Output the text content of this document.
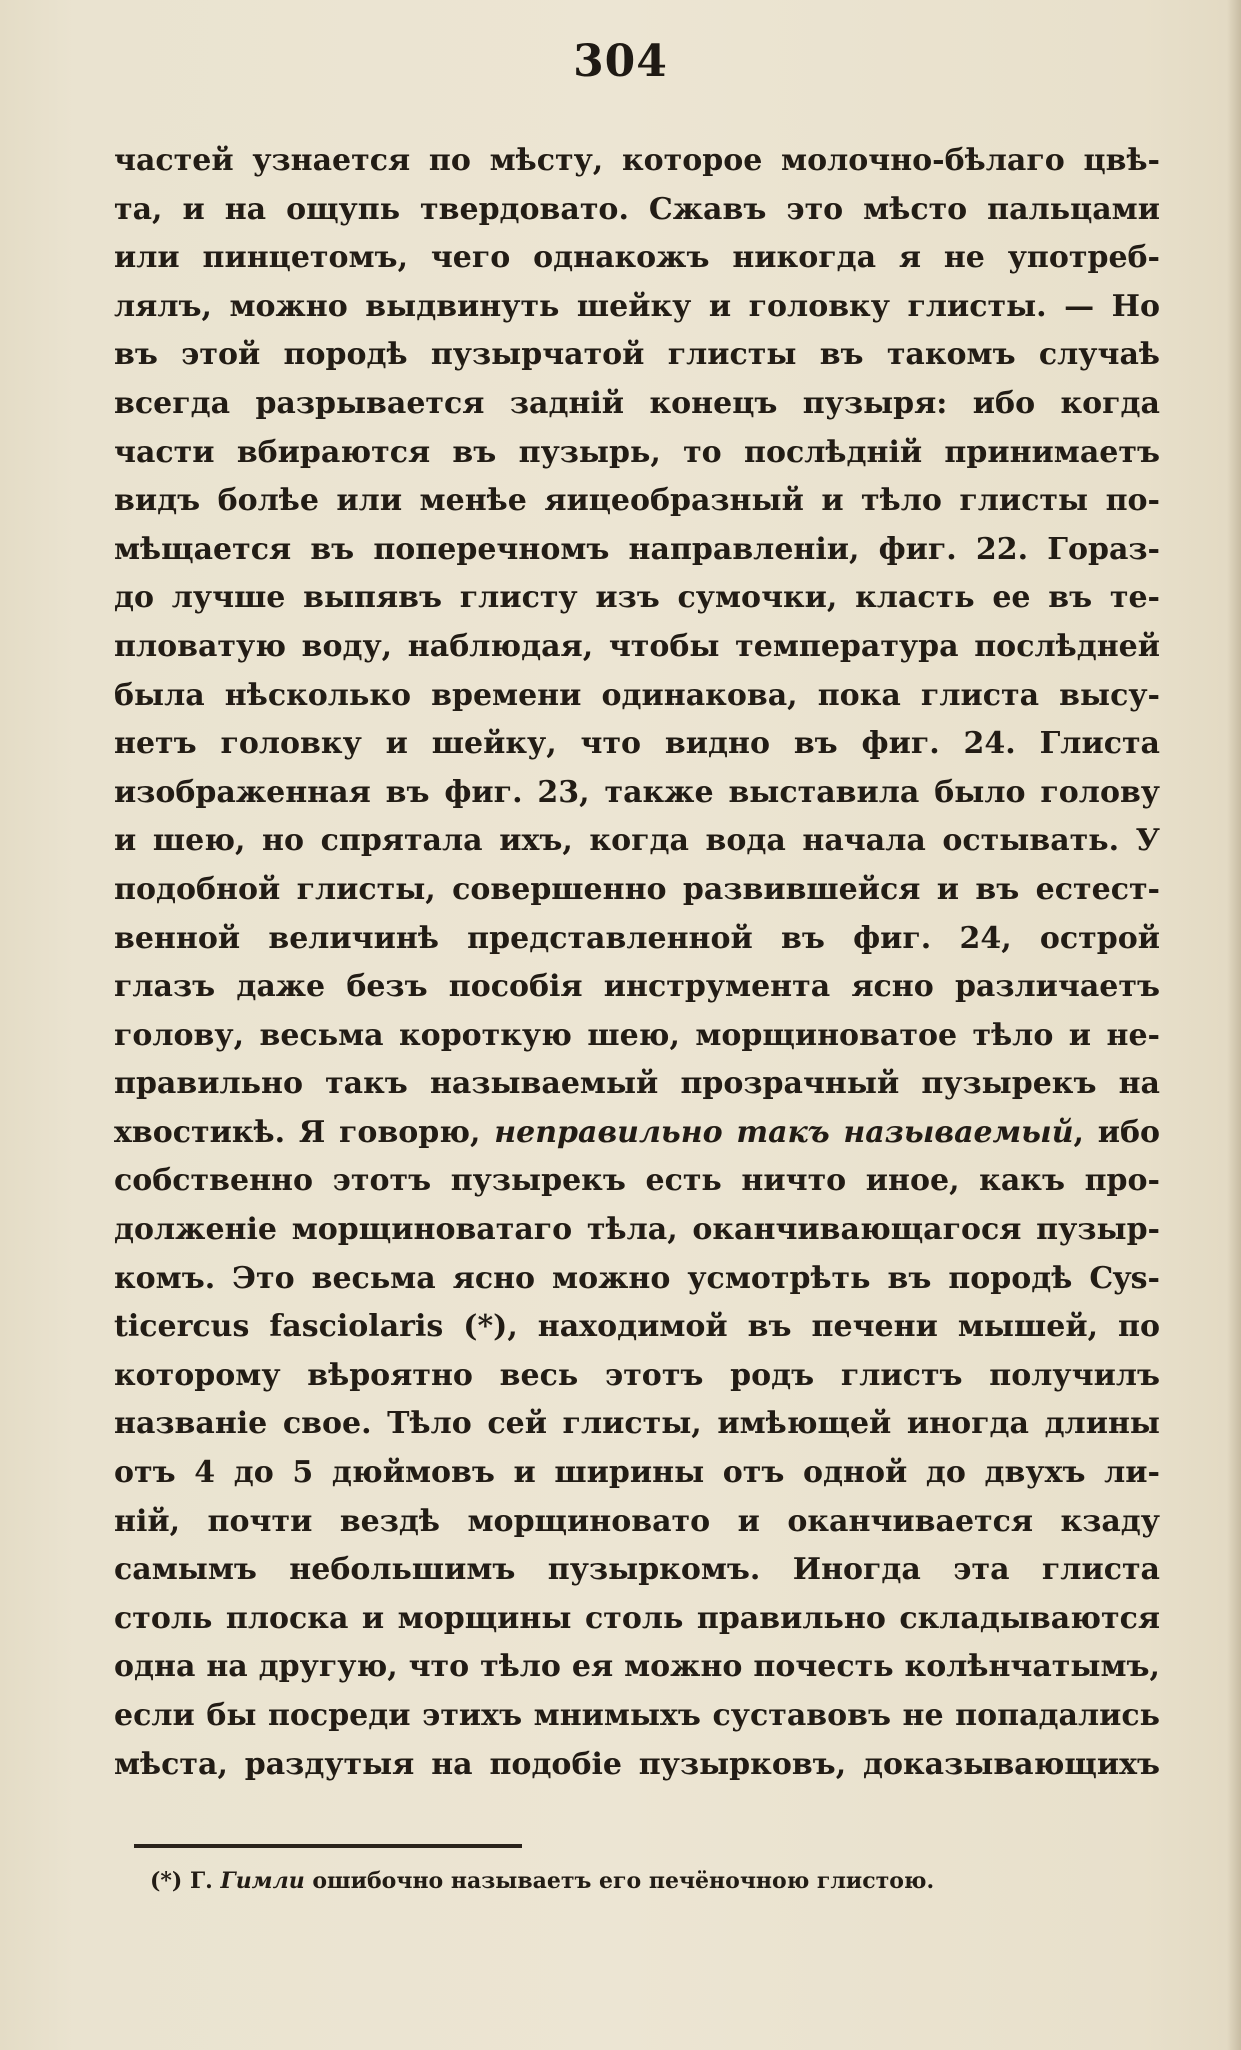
304
частей узнается по мѣсту, которое молочно-бѣлаго цвѣ-
та, и на ощупь твердовато. Сжавъ это мѣсто пальцами
или пинцетомъ, чего однакожъ никогда я не употреб-
лялъ, можно выдвинуть шейку и головку глисты. — Но
въ этой породѣ пузырчатой глисты въ такомъ случаѣ
всегда разрывается задній конецъ пузыря: ибо когда
части вбираются въ пузырь, то послѣдній принимаетъ
видъ болѣе или менѣе яицеобразный и тѣло глисты по-
мѣщается въ поперечномъ направленіи, фиг. 22. Гораз-
до лучше выпявъ глисту изъ сумочки, класть ее въ те-
пловатую воду, наблюдая, чтобы температура послѣдней
была нѣсколько времени одинакова, пока глиста высу-
нетъ головку и шейку, что видно въ фиг. 24. Глиста
изображенная въ фиг. 23, также выставила было голову
и шею, но спрятала ихъ, когда вода начала остывать. У
подобной глисты, совершенно развившейся и въ естест-
венной величинѣ представленной въ фиг. 24, острой
глазъ даже безъ пособія инструмента ясно различаетъ
голову, весьма короткую шею, морщиноватое тѣло и не-
правильно такъ называемый прозрачный пузырекъ на
хвостикѣ. Я говорю, неправильно такъ называемый, ибо
собственно этотъ пузырекъ есть ничто иное, какъ про-
долженіе морщиноватаго тѣла, оканчивающагося пузыр-
комъ. Это весьма ясно можно усмотрѣть въ породѣ Cys-
ticercus fasciolaris (*), находимой въ печени мышей, по
которому вѣроятно весь этотъ родъ глистъ получилъ
названіе свое. Тѣло сей глисты, имѣющей иногда длины
отъ 4 до 5 дюймовъ и ширины отъ одной до двухъ ли-
ній, почти вездѣ морщиновато и оканчивается кзаду
самымъ небольшимъ пузыркомъ. Иногда эта глиста
столь плоска и морщины столь правильно складываются
одна на другую, что тѣло ея можно почесть колѣнчатымъ,
если бы посреди этихъ мнимыхъ суставовъ не попадались
мѣста, раздутыя на подобіе пузырковъ, доказывающихъ
(*) Г. Гимли ошибочно называетъ его печёночною глистою.
